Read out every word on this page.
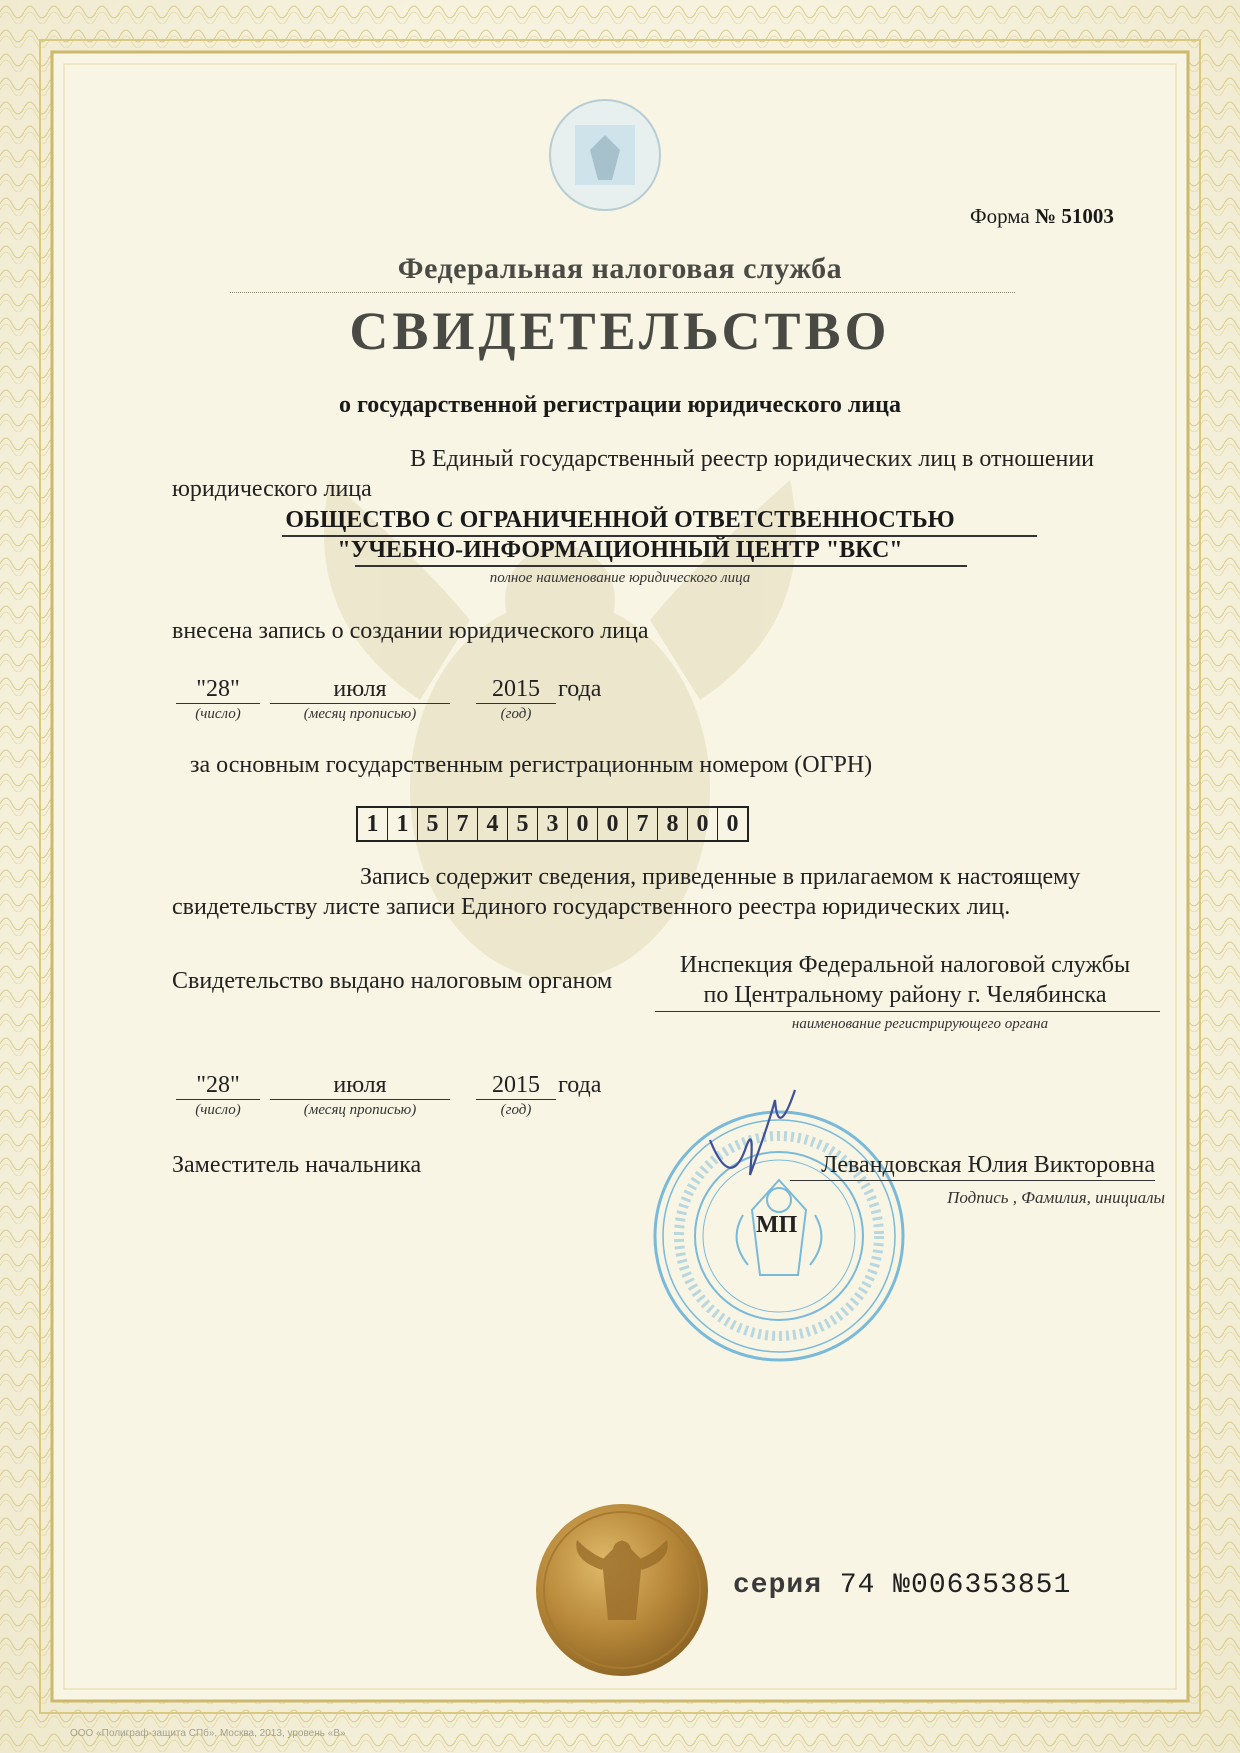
Форма № 51003
Федеральная налоговая служба
СВИДЕТЕЛЬСТВО
о государственной регистрации юридического лица
В Единый государственный реестр юридических лиц в отношении
юридического лица
ОБЩЕСТВО С ОГРАНИЧЕННОЙ ОТВЕТСТВЕННОСТЬЮ
"УЧЕБНО-ИНФОРМАЦИОННЫЙ ЦЕНТР "ВКС"
полное наименование юридического лица
внесена запись о создании юридического лица
"28"
(число)
июля
(месяц прописью)
2015
(год)
года
за основным государственным регистрационным номером (ОГРН)
1 1 5 7 4 5 3 0 0 7 8 0 0
Запись содержит сведения, приведенные в прилагаемом к настоящему
свидетельству листе записи Единого государственного реестра юридических лиц.
Свидетельство выдано налоговым органом
Инспекция Федеральной налоговой службы
по Центральному району г. Челябинска
наименование регистрирующего органа
"28"
(число)
июля
(месяц прописью)
2015
(год)
года
Заместитель начальника	Левандовская Юлия Викторовна
Подпись , Фамилия, инициалы
МП
серия 74 №006353851
ООО «Полиграф-защита СПб», Москва, 2013, уровень «В»
